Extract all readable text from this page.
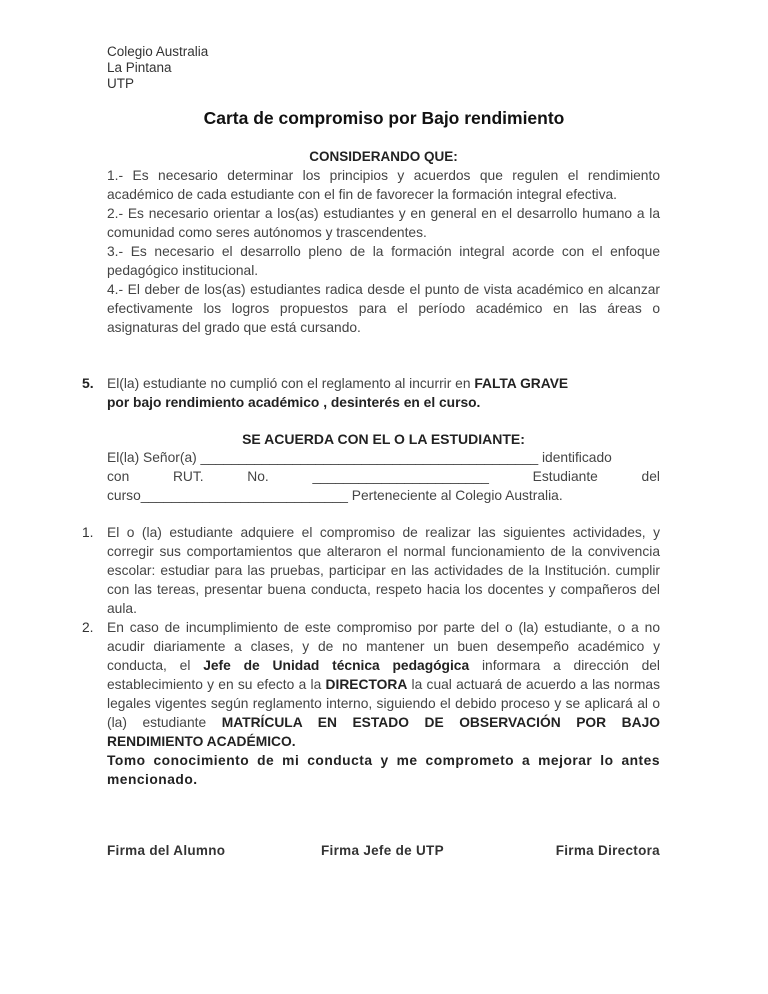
Colegio Australia
La Pintana
UTP
Carta de compromiso por Bajo rendimiento
CONSIDERANDO QUE:

1.- Es necesario determinar los principios y acuerdos que regulen el rendimiento académico de cada estudiante con el fin de favorecer la formación integral efectiva.

2.- Es necesario orientar a los(as) estudiantes y en general en el desarrollo humano a la comunidad como seres autónomos y trascendentes.

3.- Es necesario el desarrollo pleno de la formación integral acorde con el enfoque pedagógico institucional.

4.- El deber de los(as) estudiantes radica desde el punto de vista académico en alcanzar efectivamente los logros propuestos para el período académico en las áreas o asignaturas del grado que está cursando.

5. El(la) estudiante no cumplió con el reglamento al incurrir en FALTA GRAVE

por bajo rendimiento académico , desinterés en el curso.

SE ACUERDA CON EL O LA ESTUDIANTE:

El(la) Señor(a) ____________________________________________ identificado

con	RUT.	No.	_______________________	Estudiante	del

curso___________________________ Perteneciente al Colegio Australia.

1. El o (la) estudiante adquiere el compromiso de realizar las siguientes actividades, y corregir sus comportamientos que alteraron el normal funcionamiento de la convivencia escolar: estudiar para las pruebas, participar en las actividades de la Institución. cumplir con las tereas, presentar buena conducta, respeto hacia los docentes y compañeros del aula.
2. En caso de incumplimiento de este compromiso por parte del o (la) estudiante, o a no acudir diariamente a clases, y de no mantener un buen desempeño académico y conducta, el Jefe de Unidad técnica pedagógica informara a dirección del establecimiento y en su efecto a la DIRECTORA la cual actuará de acuerdo a las normas legales vigentes según reglamento interno, siguiendo el debido proceso y se aplicará al o (la) estudiante MATRÍCULA EN ESTADO DE OBSERVACIÓN POR BAJO RENDIMIENTO ACADÉMICO.

Tomo conocimiento de mi conducta y me comprometo a mejorar lo antes mencionado.

Firma del Alumno	Firma Jefe de UTP	Firma Directora
